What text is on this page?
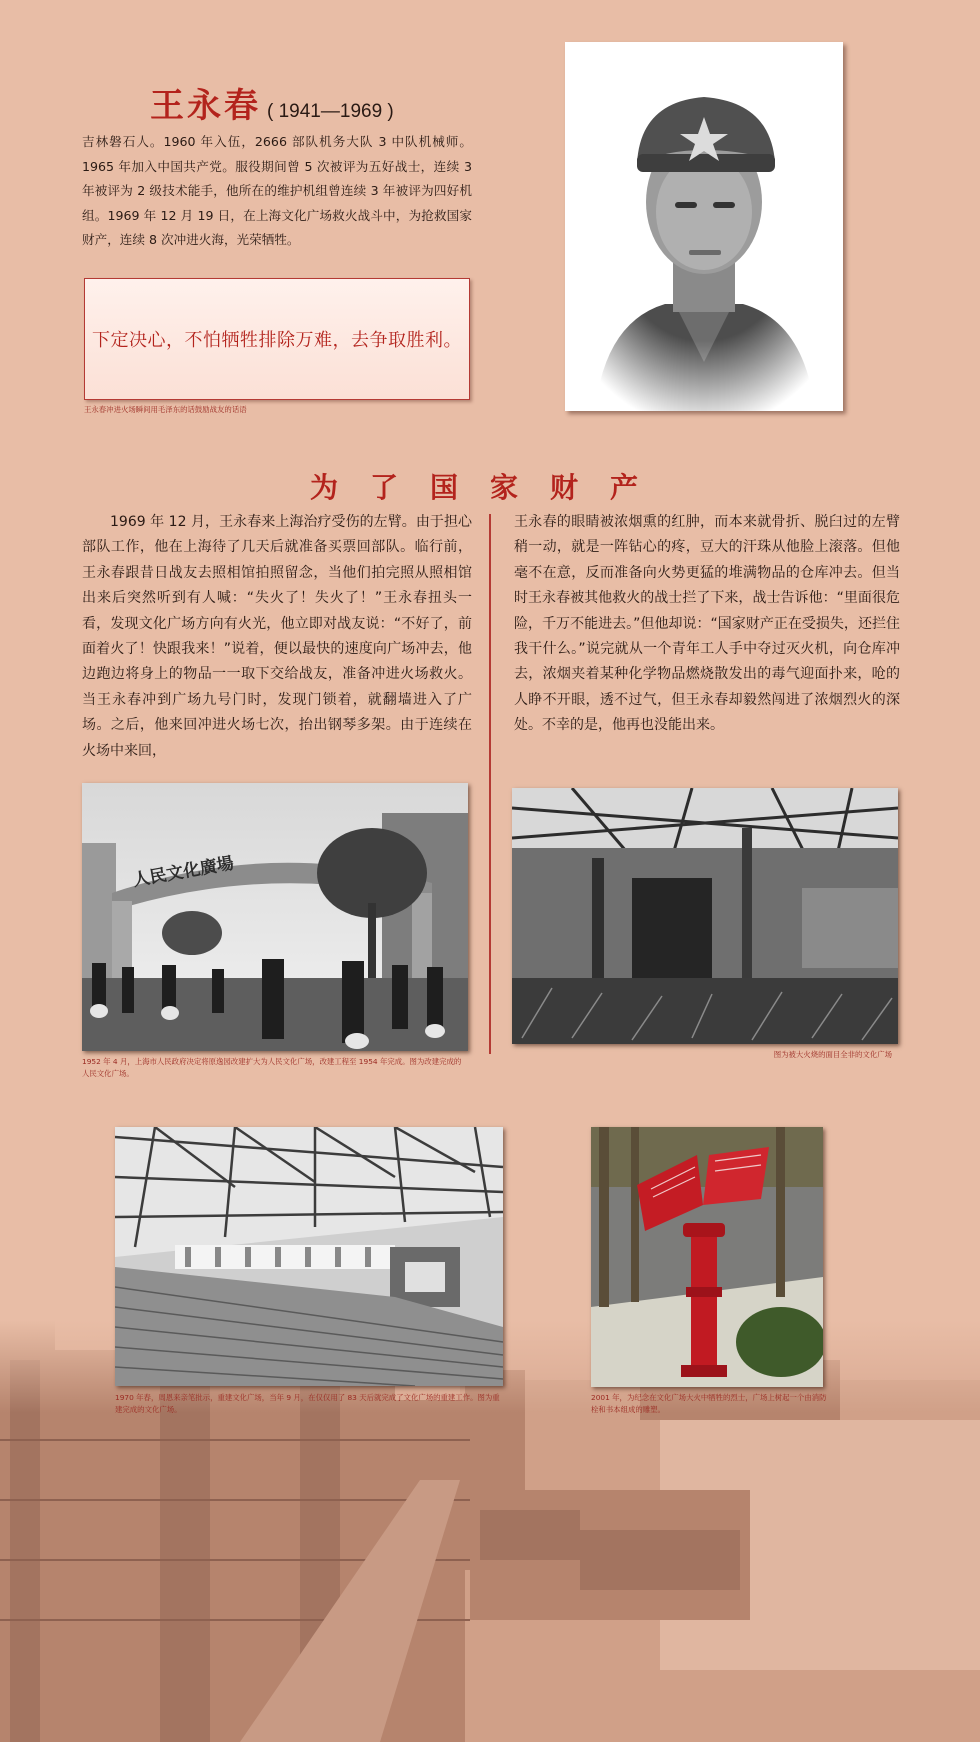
王永春 ( 1941—1969 )
吉林磐石人。1960 年入伍，2666 部队机务大队 3 中队机械师。1965 年加入中国共产党。服役期间曾 5 次被评为五好战士，连续 3 年被评为 2 级技术能手，他所在的维护机组曾连续 3 年被评为四好机组。1969 年 12 月 19 日，在上海文化广场救火战斗中，为抢救国家财产，连续 8 次冲进火海，光荣牺牲。
下定决心，不怕牺牲排除万难，去争取胜利。
王永春冲进火场瞬间用毛泽东的话鼓励战友的话语
为了国家财产
1969 年 12 月，王永春来上海治疗受伤的左臂。由于担心部队工作，他在上海待了几天后就准备买票回部队。临行前，王永春跟昔日战友去照相馆拍照留念，当他们拍完照从照相馆出来后突然听到有人喊：“失火了！失火了！”王永春扭头一看，发现文化广场方向有火光，他立即对战友说：“不好了，前面着火了！快跟我来！”说着，便以最快的速度向广场冲去，他边跑边将身上的物品一一取下交给战友，准备冲进火场救火。当王永春冲到广场九号门时，发现门锁着，就翻墙进入了广场。之后，他来回冲进火场七次，抬出钢琴多架。由于连续在火场中来回，
王永春的眼睛被浓烟熏的红肿，而本来就骨折、脱臼过的左臂稍一动，就是一阵钻心的疼，豆大的汗珠从他脸上滚落。但他毫不在意，反而准备向火势更猛的堆满物品的仓库冲去。但当时王永春被其他救火的战士拦了下来，战士告诉他：“里面很危险，千万不能进去。”但他却说：“国家财产正在受损失，还拦住我干什么。”说完就从一个青年工人手中夺过灭火机，向仓库冲去，浓烟夹着某种化学物品燃烧散发出的毒气迎面扑来，呛的人睁不开眼，透不过气，但王永春却毅然闯进了浓烟烈火的深处。不幸的是，他再也没能出来。
人民文化廣場
1952 年 4 月，上海市人民政府决定将原逸园改建扩大为人民文化广场，改建工程至 1954 年完成。图为改建完成的人民文化广场。
图为被大火烧的面目全非的文化广场
1970 年春，周恩来亲笔批示，重建文化广场，当年 9 月，在仅仅用了 83 天后就完成了文化广场的重建工作。图为重建完成的文化广场。
2001 年，为纪念在文化广场大火中牺牲的烈士，广场上树起一个由消防栓和书本组成的雕塑。
